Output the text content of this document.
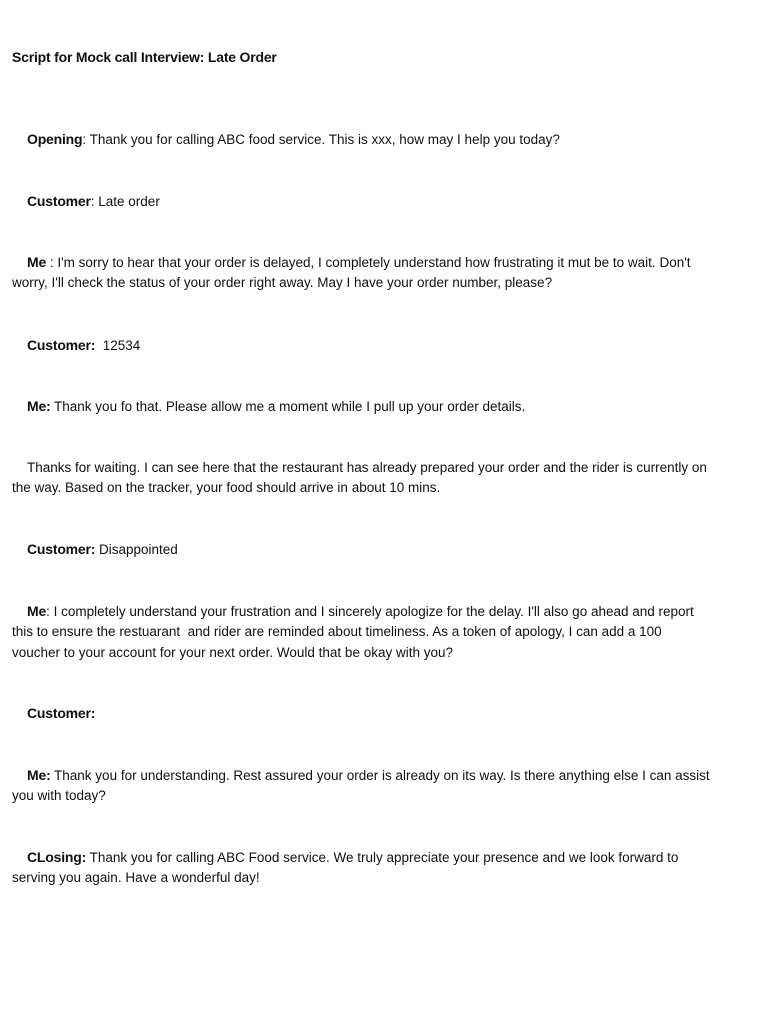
Script for Mock call Interview: Late Order

Opening: Thank you for calling ABC food service. This is xxx, how may I help you today?

Customer: Late order

Me : I'm sorry to hear that your order is delayed, I completely understand how frustrating it mut be to wait. Don't worry, I'll check the status of your order right away. May I have your order number, please?

Customer:  12534

Me: Thank you fo that. Please allow me a moment while I pull up your order details.

Thanks for waiting. I can see here that the restaurant has already prepared your order and the rider is currently on the way. Based on the tracker, your food should arrive in about 10 mins.

Customer: Disappointed

Me: I completely understand your frustration and I sincerely apologize for the delay. I'll also go ahead and report this to ensure the restuarant  and rider are reminded about timeliness. As a token of apology, I can add a 100 voucher to your account for your next order. Would that be okay with you?

Customer:

Me: Thank you for understanding. Rest assured your order is already on its way. Is there anything else I can assist you with today?

CLosing: Thank you for calling ABC Food service. We truly appreciate your presence and we look forward to serving you again. Have a wonderful day!
